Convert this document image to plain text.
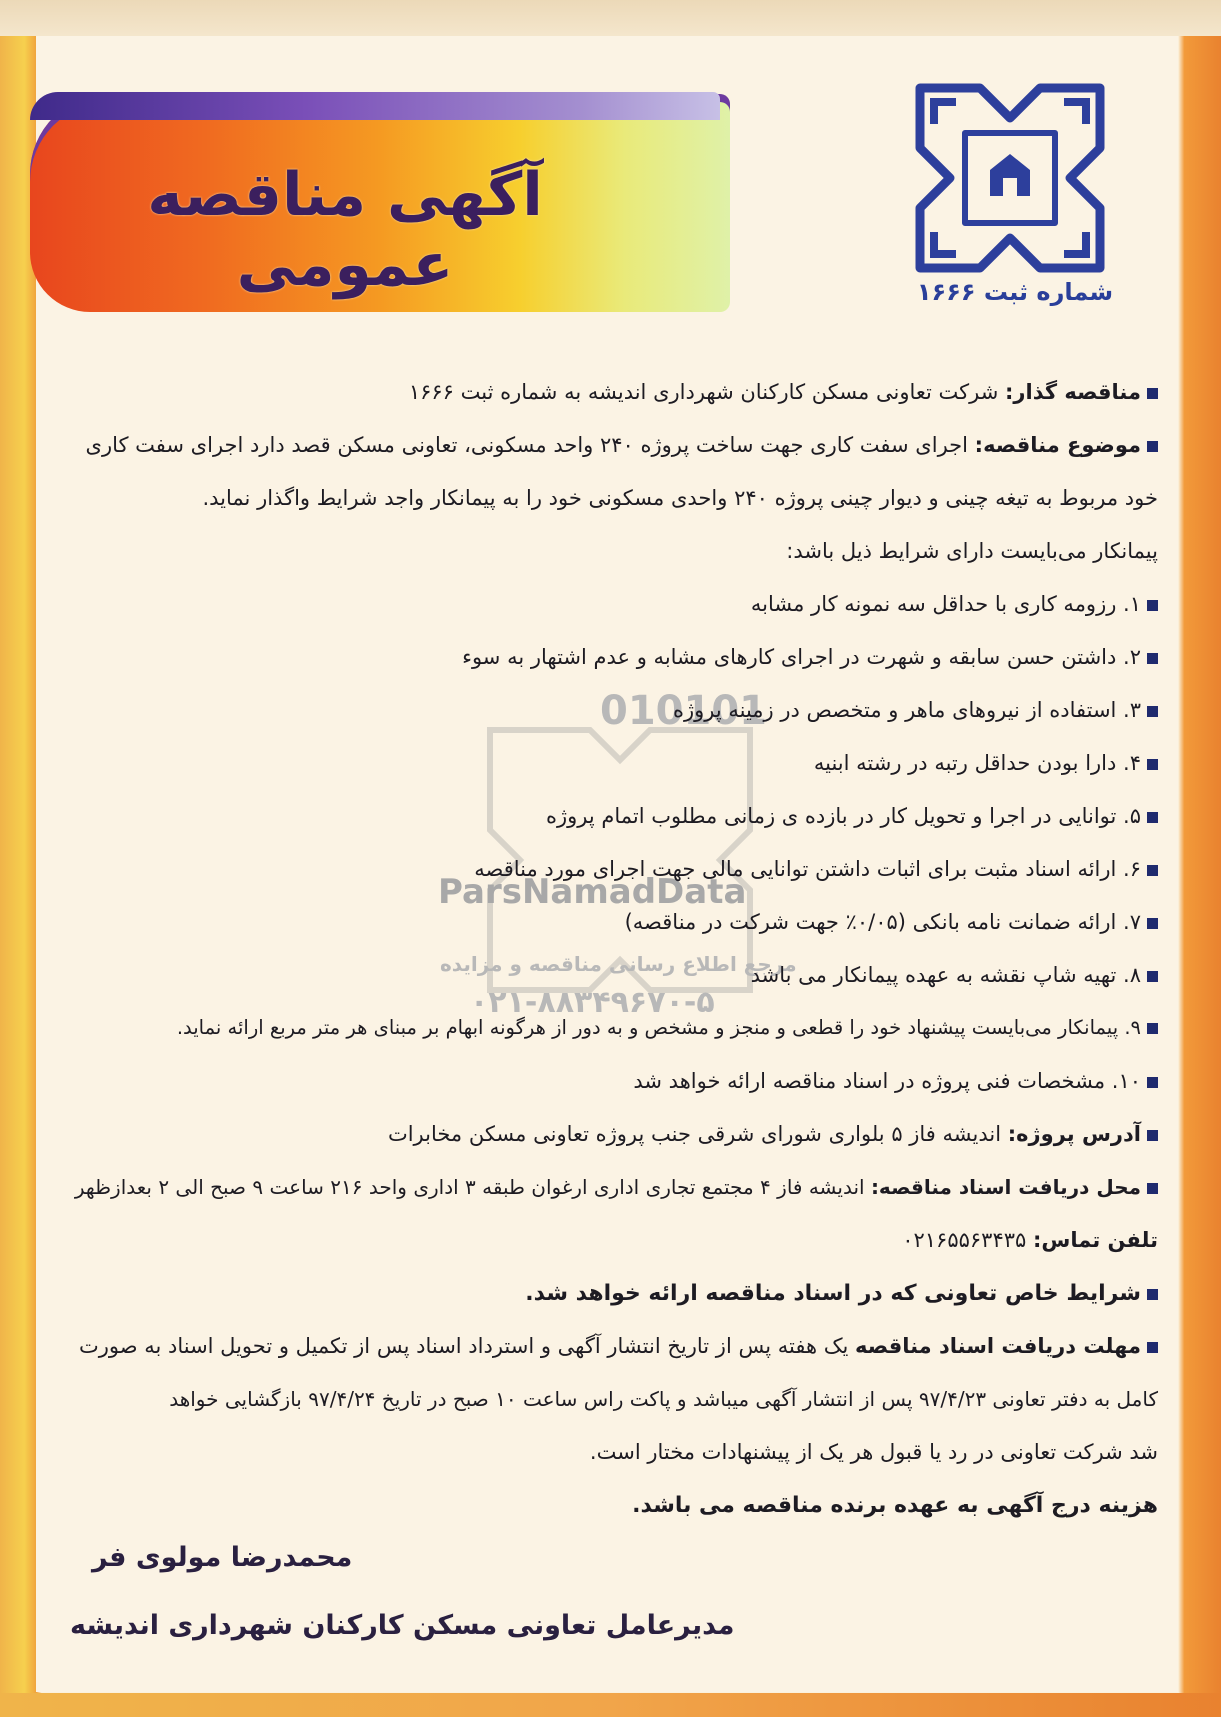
آگهی مناقصه عمومی	شماره ثبت ۱۶۶۶
010101
ParsNamadData
مرجع اطلاع رسانی مناقصه و مزایده
۰۲۱-۸۸۳۴۹۶۷۰-۵
مناقصه گذار: شرکت تعاونی مسکن کارکنان شهرداری اندیشه به شماره ثبت ۱۶۶۶
موضوع مناقصه: اجرای سفت کاری جهت ساخت پروژه ۲۴۰ واحد مسکونی، تعاونی مسکن قصد دارد اجرای سفت کاری
خود مربوط به تیغه چینی و دیوار چینی پروژه ۲۴۰ واحدی مسکونی خود را به پیمانکار واجد شرایط واگذار نماید.
پیمانکار می‌بایست دارای شرایط ذیل باشد:
۱. رزومه کاری با حداقل سه نمونه کار مشابه
۲. داشتن حسن سابقه و شهرت در اجرای کارهای مشابه و عدم اشتهار به سوء
۳. استفاده از نیروهای ماهر و متخصص در زمینه پروژه
۴. دارا بودن حداقل رتبه در رشته ابنیه
۵. توانایی در اجرا و تحویل کار در بازده ی زمانی مطلوب اتمام پروژه
۶. ارائه اسناد مثبت برای اثبات داشتن توانایی مالی جهت اجرای مورد مناقصه
۷. ارائه ضمانت نامه بانکی (۰/۰۵٪ جهت شرکت در مناقصه)
۸. تهیه شاپ نقشه به عهده پیمانکار می باشد
۹. پیمانکار می‌بایست پیشنهاد خود را قطعی و منجز و مشخص و به دور از هرگونه ابهام بر مبنای هر متر مربع ارائه نماید.
۱۰. مشخصات فنی پروژه در اسناد مناقصه ارائه خواهد شد
آدرس پروژه: اندیشه فاز ۵ بلواری شورای شرقی جنب پروژه تعاونی مسکن مخابرات
محل دریافت اسناد مناقصه: اندیشه فاز ۴ مجتمع تجاری اداری ارغوان طبقه ۳ اداری واحد ۲۱۶ ساعت ۹ صبح الی ۲ بعدازظهر
تلفن تماس: ۰۲۱۶۵۵۶۳۴۳۵
شرایط خاص تعاونی که در اسناد مناقصه ارائه خواهد شد.
مهلت دریافت اسناد مناقصه یک هفته پس از تاریخ انتشار آگهی و استرداد اسناد پس از تکمیل و تحویل اسناد به صورت
کامل به دفتر تعاونی ۹۷/۴/۲۳ پس از انتشار آگهی میباشد و پاکت راس ساعت ۱۰ صبح در تاریخ ۹۷/۴/۲۴ بازگشایی خواهد
شد شرکت تعاونی در رد یا قبول هر یک از پیشنهادات مختار است.
هزینه درج آگهی به عهده برنده مناقصه می باشد.
محمدرضا مولوی فر
مدیرعامل تعاونی مسکن کارکنان شهرداری اندیشه
